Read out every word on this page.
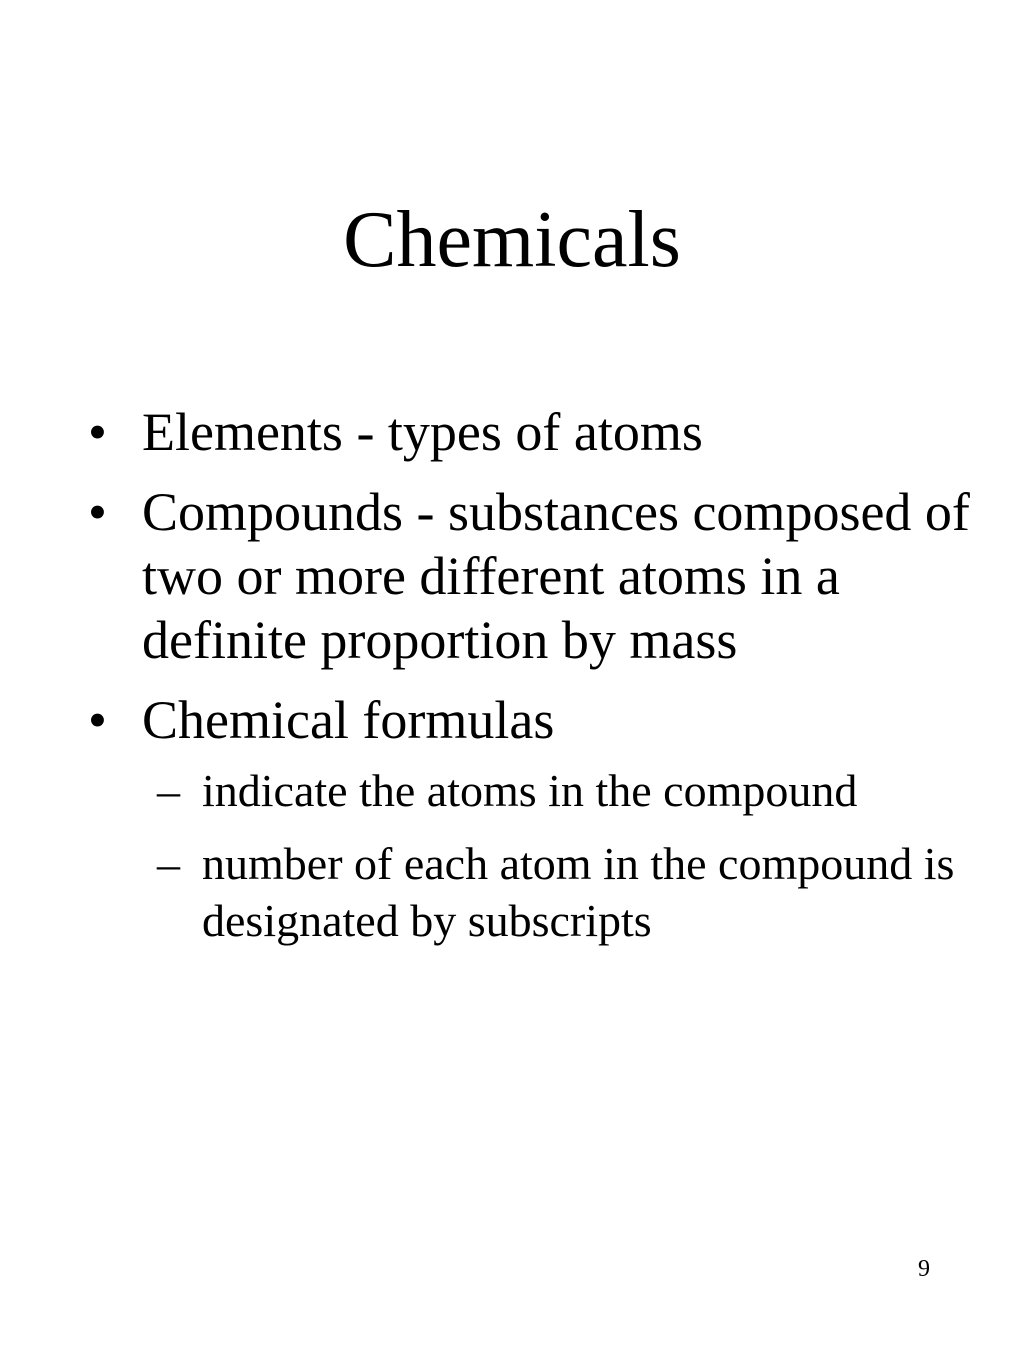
Chemicals
• Elements - types of atoms
• Compounds - substances composed of two or more different atoms in a definite proportion by mass
• Chemical formulas
– indicate the atoms in the compound
– number of each atom in the compound is designated by subscripts
9
